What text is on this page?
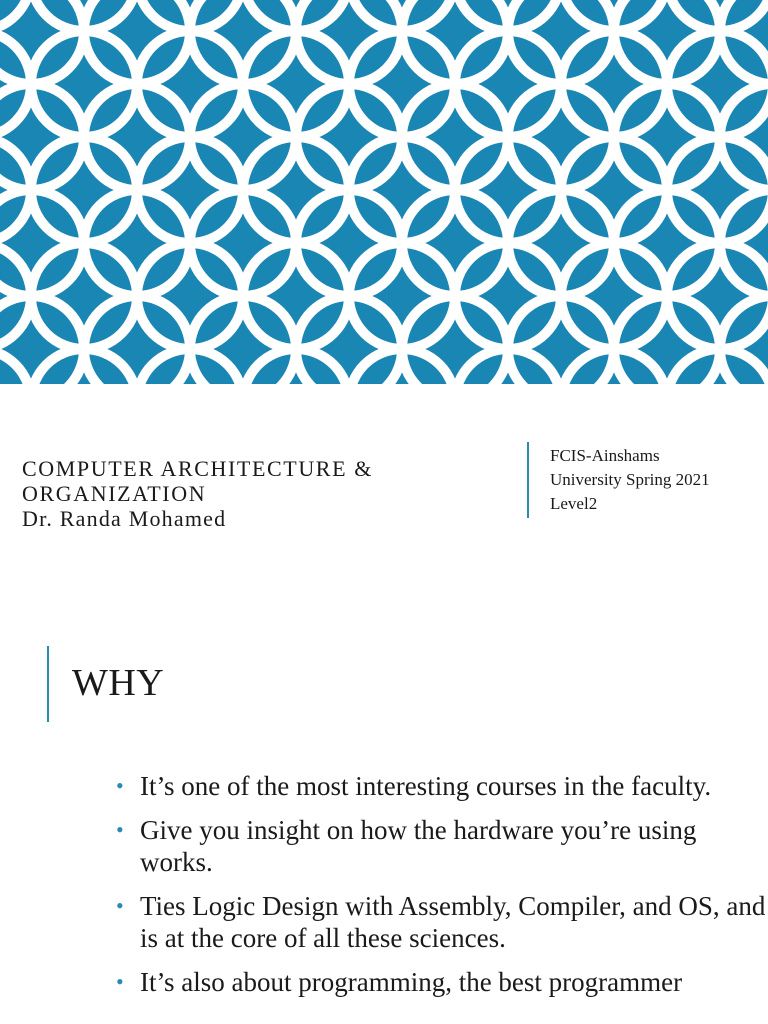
COMPUTER ARCHITECTURE & ORGANIZATION

Dr. Randa Mohamed

FCIS-Ainshams
University Spring 2021
Level2
WHY
• It’s one of the most interesting courses in the faculty.
• Give you insight on how the hardware you’re using works.
• Ties Logic Design with Assembly, Compiler, and OS, and is at the core of all these sciences.
• It’s also about programming, the best programmer
